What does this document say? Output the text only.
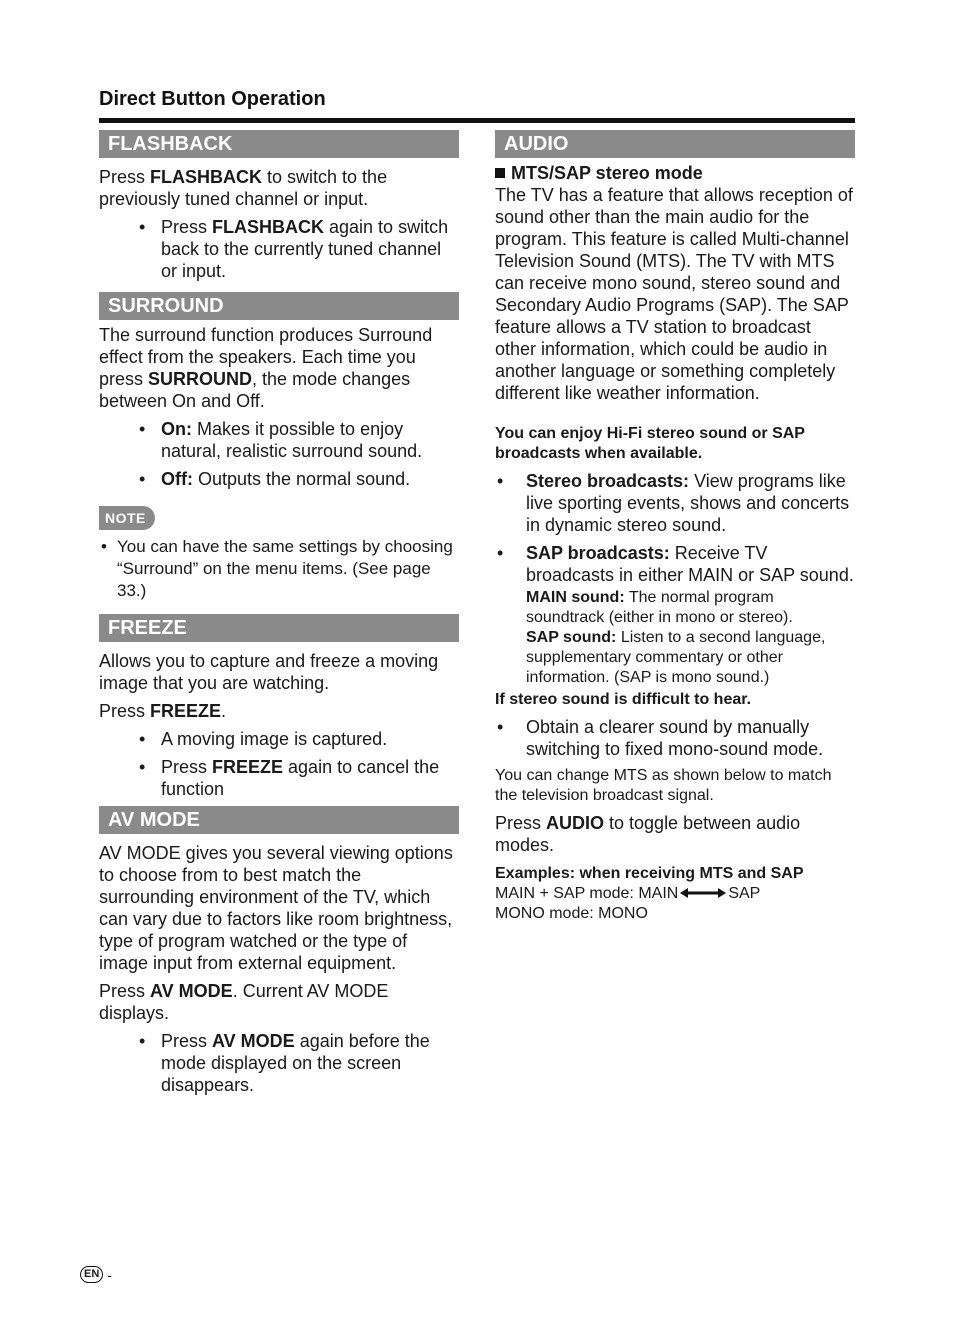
Direct Button Operation
FLASHBACK

Press FLASHBACK to switch to the previously tuned channel or input.

• Press FLASHBACK again to switch back to the currently tuned channel or input.
SURROUND

The surround function produces Surround effect from the speakers. Each time you press SURROUND, the mode changes between On and Off.

• On: Makes it possible to enjoy natural, realistic surround sound.
• Off: Outputs the normal sound.
NOTE
• You can have the same settings by choosing “Surround” on the menu items. (See page 33.)
FREEZE

Allows you to capture and freeze a moving image that you are watching.

Press FREEZE.

• A moving image is captured.
• Press FREEZE again to cancel the function
AV MODE

AV MODE gives you several viewing options to choose from to best match the surrounding environment of the TV, which can vary due to factors like room brightness, type of program watched or the type of image input from external equipment.

Press AV MODE. Current AV MODE displays.

• Press AV MODE again before the mode displayed on the screen disappears.
AUDIO
MTS/SAP stereo mode

The TV has a feature that allows reception of sound other than the main audio for the program. This feature is called Multi-channel Television Sound (MTS). The TV with MTS can receive mono sound, stereo sound and Secondary Audio Programs (SAP). The SAP feature allows a TV station to broadcast other information, which could be audio in another language or something completely different like weather information.

You can enjoy Hi-Fi stereo sound or SAP broadcasts when available.
• Stereo broadcasts: View programs like live sporting events, shows and concerts in dynamic stereo sound.
• SAP broadcasts: Receive TV broadcasts in either MAIN or SAP sound.
MAIN sound: The normal program soundtrack (either in mono or stereo).
SAP sound: Listen to a second language, supplementary commentary or other information. (SAP is mono sound.)
If stereo sound is difficult to hear.
• Obtain a clearer sound by manually switching to fixed mono-sound mode.

You can change MTS as shown below to match the television broadcast signal.

Press AUDIO to toggle between audio modes.

Examples: when receiving MTS and SAP
MAIN + SAP mode: MAIN	SAP
MONO mode: MONO
EN -
